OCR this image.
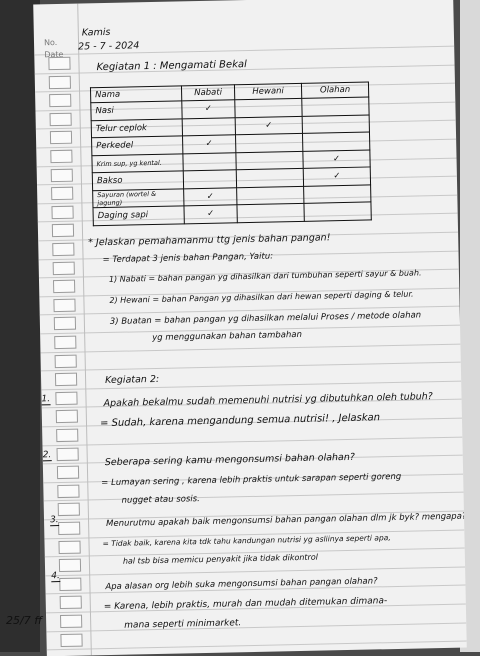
No.
Date
Kamis
25 - 7 - 2024
Kegiatan 1 : Mengamati Bekal
Nama	Nabati	Hewani	Olahan
Nasi	✓		
Telur ceplok		✓	
Perkedel	✓		
Krim sup, yg kental.			✓
Bakso			✓
Sayuran (wortel & jagung)	✓		
Daging sapi	✓		
* Jelaskan pemahamanmu ttg jenis bahan pangan!
= Terdapat 3 jenis bahan Pangan, Yaitu:
1) Nabati = bahan pangan yg dihasilkan dari tumbuhan seperti sayur & buah.
2) Hewani = bahan Pangan yg dihasilkan dari hewan seperti daging & telur.
3) Buatan = bahan pangan yg dihasilkan melalui Proses / metode olahan
yg menggunakan bahan tambahan
Kegiatan 2:
1.	Apakah bekalmu sudah memenuhi nutrisi yg dibutuhkan oleh tubuh?
= Sudah, karena mengandung semua nutrisi! , Jelaskan
2.	Seberapa sering kamu mengonsumsi bahan olahan?
= Lumayan sering , karena lebih praktis untuk sarapan seperti goreng
nugget atau sosis.
3.	Menurutmu apakah baik mengonsumsi bahan pangan olahan dlm jk byk? mengapa?
= Tidak baik, karena kita tdk tahu kandungan nutrisi yg asliinya seperti apa,
hal tsb bisa memicu penyakit jika tidak dikontrol
4.
Apa alasan org lebih suka mengonsumsi bahan pangan olahan?
= Karena, lebih praktis, murah dan mudah ditemukan dimana-
mana seperti minimarket.
25/7 ff
